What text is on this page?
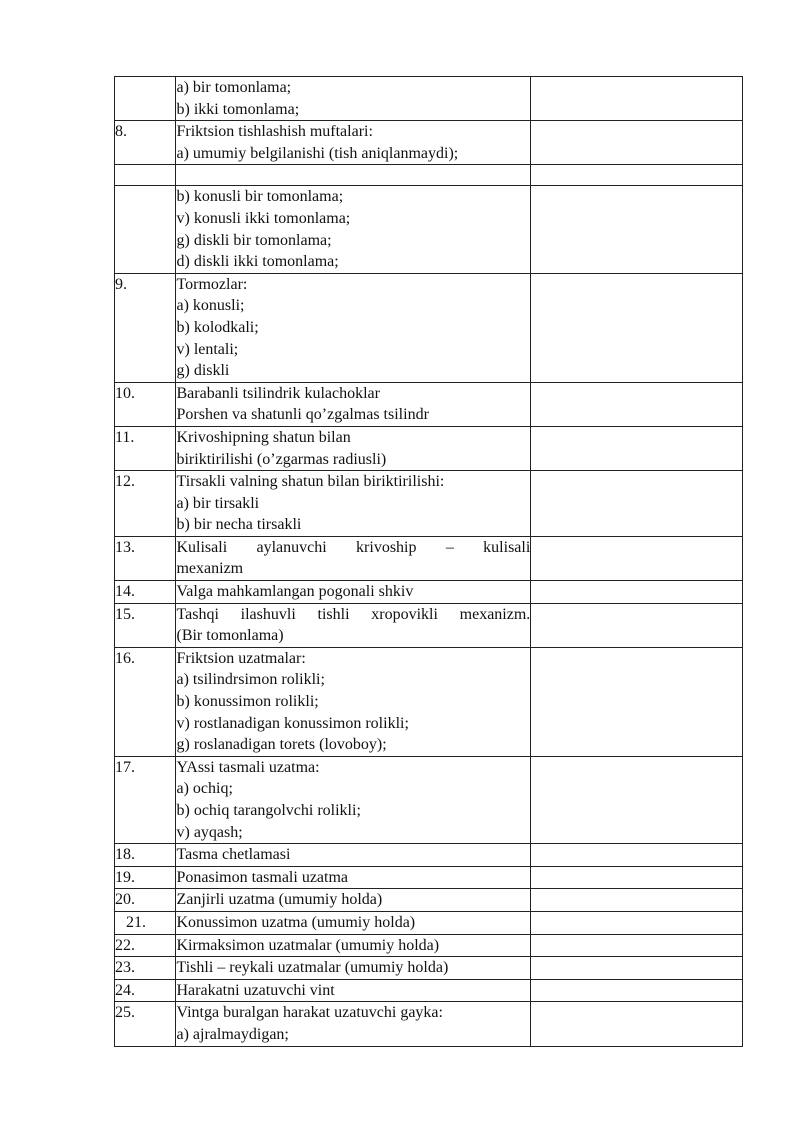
	a) bir tomonlama;
b) ikki tomonlama;	

8.	Friktsion tishlashish muftalari:
a) umumiy belgilanishi (tish aniqlanmaydi);	

	b) konusli bir tomonlama;
v) konusli ikki tomonlama;
g) diskli bir tomonlama;
d) diskli ikki tomonlama;	

9.	Tormozlar:
a) konusli;
b) kolodkali;
v) lentali;
g) diskli	

10.	Barabanli tsilindrik kulachoklar
Porshen va shatunli qo’zgalmas tsilindr	

11.	Krivoshipning shatun bilan
biriktirilishi (o’zgarmas radiusli)	

12.	Tirsakli valning shatun bilan biriktirilishi:
a) bir tirsakli
b) bir necha tirsakli	

13.	Kulisali aylanuvchi krivoship – kulisali
mexanizm	

14.	Valga mahkamlangan pogonali shkiv	

15.	Tashqi ilashuvli tishli xropovikli mexanizm.
(Bir tomonlama)	

16.	Friktsion uzatmalar:
a) tsilindrsimon rolikli;
b) konussimon rolikli;
v) rostlanadigan konussimon rolikli;
g) roslanadigan torets (lovoboy);	

17.	YAssi tasmali uzatma:
a) ochiq;
b) ochiq tarangolvchi rolikli;
v) ayqash;	

18.	Tasma chetlamasi	

19.	Ponasimon tasmali uzatma	

20.	Zanjirli uzatma (umumiy holda)	

21.	Konussimon uzatma (umumiy holda)	

22.	Kirmaksimon uzatmalar (umumiy holda)	

23.	Tishli – reykali uzatmalar (umumiy holda)	

24.	Harakatni uzatuvchi vint	

25.	Vintga buralgan harakat uzatuvchi gayka:
a) ajralmaydigan;	
